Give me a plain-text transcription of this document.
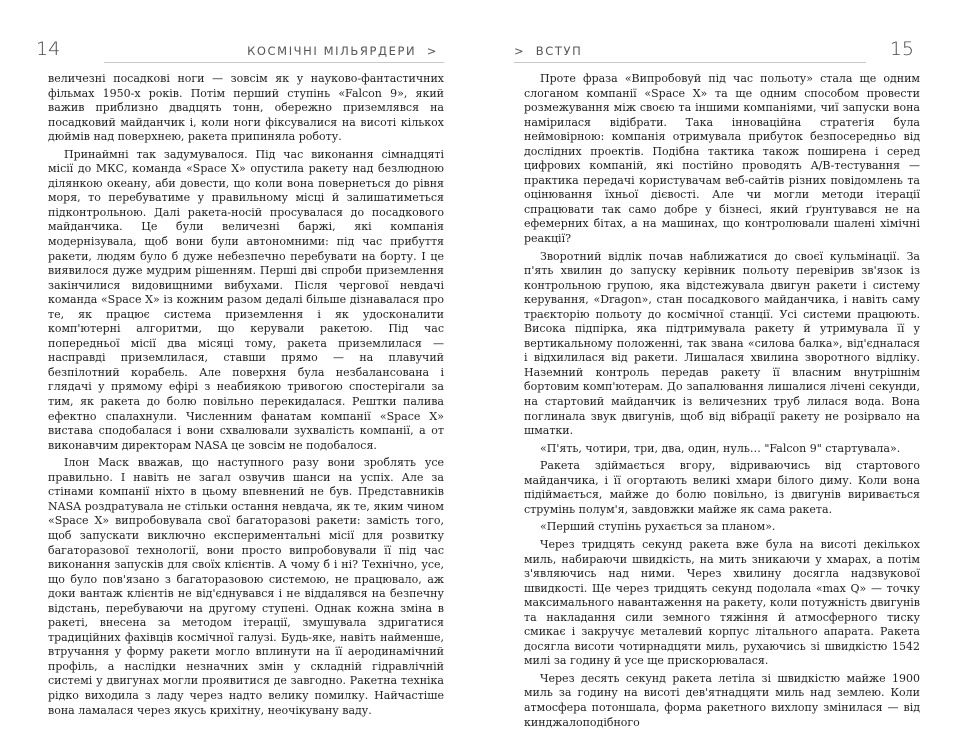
14	КОСМІЧНІ МІЛЬЯРДЕРИ >

величезні посадкові ноги — зовсім як у науково-фантастичних фільмах 1950-х років. Потім перший ступінь «Falcon 9», який важив приблизно двадцять тонн, обережно приземлявся на посадковий майданчик і, коли ноги фіксувалися на висоті кількох дюймів над поверхнею, ракета припиняла роботу.

Принаймні так задумувалося. Під час виконання сімнадцяті місії до МКС, команда «Space X» опустила ракету над безлюдною ділянкою океану, аби довести, що коли вона повернеться до рівня моря, то перебуватиме у правильному місці й залишатиметься підконтрольною. Далі ракета-носій просувалася до посадкового майданчика. Це були величезні баржі, які компанія модернізувала, щоб вони були автономними: під час прибуття ракети, людям було б дуже небезпечно перебувати на борту. І це виявилося дуже мудрим рішенням. Перші дві спроби приземлення закінчилися видовищними вибухами. Після чергової невдачі команда «Space X» із кожним разом дедалі більше дізнавалася про те, як працює система приземлення і як удосконалити комп'ютерні алгоритми, що керували ракетою. Під час попередньої місії два місяці тому, ракета приземлилася — насправді приземлилася, ставши прямо — на плавучий безпілотний корабель. Але поверхня була незбалансована і глядачі у прямому ефірі з неабиякою тривогою спостерігали за тим, як ракета до болю повільно перекидалася. Рештки палива ефектно спалахнули. Численним фанатам компанії «Space X» вистава сподобалася і вони схвалювали зухвалість компанії, а от виконавчим директорам NASA це зовсім не подобалося.

Ілон Маск вважав, що наступного разу вони зроблять усе правильно. І навіть не загал озвучив шанси на успіх. Але за стінами компанії ніхто в цьому впевнений не був. Представників NASA роздратувала не стільки остання невдача, як те, яким чином «Space X» випробовувала свої багаторазові ракети: замість того, щоб запускати виключно експериментальні місії для розвитку багаторазової технології, вони просто випробовували її під час виконання запусків для своїх клієнтів. А чому б і ні? Технічно, усе, що було пов'язано з багаторазовою системою, не працювало, аж доки вантаж клієнтів не від'єднувався і не віддалявся на безпечну відстань, перебуваючи на другому ступені. Однак кожна зміна в ракеті, внесена за методом ітерації, змушувала здригатися традиційних фахівців космічної галузі. Будь-яке, навіть найменше, втручання у форму ракети могло вплинути на її аеродинамічний профіль, а наслідки незначних змін у складній гідравлічній системі у двигунах могли проявитися де завгодно. Ракетна техніка рідко виходила з ладу через надто велику помилку. Найчастіше вона ламалася через якусь крихітну, неочікувану ваду.

> ВСТУП	15

Проте фраза «Випробовуй під час польоту» стала ще одним слоганом компанії «Space X» та ще одним способом провести розмежування між своєю та іншими компаніями, чиї запуски вона намірилася відібрати. Така інноваційна стратегія була неймовірною: компанія отримувала прибуток безпосередньо від дослідних проектів. Подібна тактика також поширена і серед цифрових компаній, які постійно проводять A/B-тестування — практика передачі користувачам веб-сайтів різних повідомлень та оцінювання їхньої дієвості. Але чи могли методи ітерації спрацювати так само добре у бізнесі, який ґрунтувався не на ефемерних бітах, а на машинах, що контролювали шалені хімічні реакції?

Зворотний відлік почав наближатися до своєї кульмінації. За п'ять хвилин до запуску керівник польоту перевірив зв'язок із контрольною групою, яка відстежувала двигун ракети і систему керування, «Dragon», стан посадкового майданчика, і навіть саму траєкторію польоту до космічної станції. Усі системи працюють. Висока підпірка, яка підтримувала ракету й утримувала її у вертикальному положенні, так звана «силова балка», від'єдналася і відхилилася від ракети. Лишалася хвилина зворотного відліку. Наземний контроль передав ракету її власним внутрішнім бортовим комп'ютерам. До запалювання лишалися лічені секунди, на стартовий майданчик із величезних труб лилася вода. Вона поглинала звук двигунів, щоб від вібрації ракету не розірвало на шматки.

«П'ять, чотири, три, два, один, нуль… "Falcon 9" стартувала».

Ракета здіймається вгору, відриваючись від стартового майданчика, і її огортають великі хмари білого диму. Коли вона підіймається, майже до болю повільно, із двигунів виривається струмінь полум'я, завдовжки майже як сама ракета.

«Перший ступінь рухається за планом».

Через тридцять секунд ракета вже була на висоті декількох миль, набираючи швидкість, на мить зникаючи у хмарах, а потім з'являючись над ними. Через хвилину досягла надзвукової швидкості. Ще через тридцять секунд подолала «max Q» — точку максимального навантаження на ракету, коли потужність двигунів та накладання сили земного тяжіння й атмосферного тиску смикає і закручує металевий корпус літального апарата. Ракета досягла висоти чотирнадцяти миль, рухаючись зі швидкістю 1542 милі за годину й усе ще прискорювалася.

Через десять секунд ракета летіла зі швидкістю майже 1900 миль за годину на висоті дев'ятнадцяти миль над землею. Коли атмосфера потоншала, форма ракетного вихлопу змінилася — від кинджалоподібного
